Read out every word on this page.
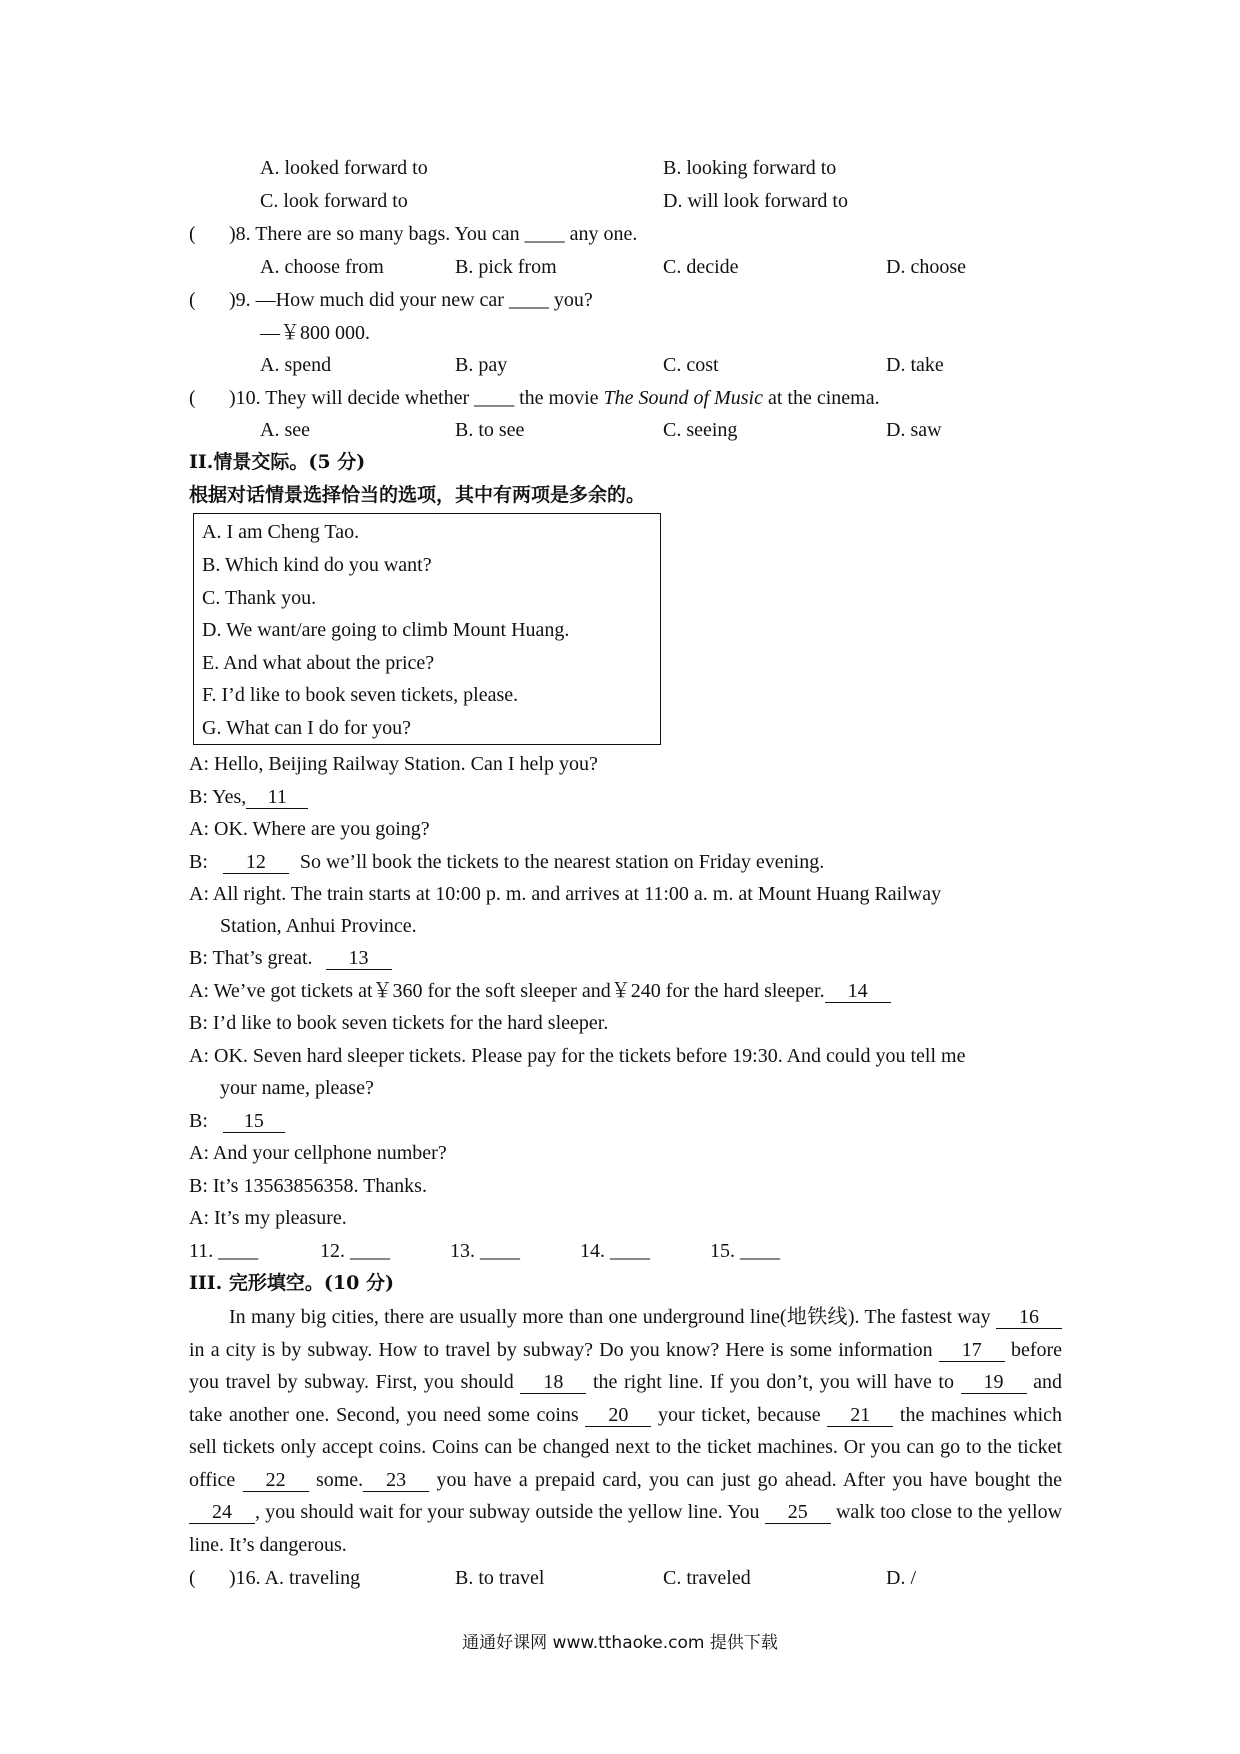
A. looked forward to	B. looking forward to
C. look forward to	D. will look forward to
( )8. There are so many bags. You can ____ any one.
A. choose from	B. pick from	C. decide	D. choose
( )9. —How much did your new car ____ you?
—￥800 000.
A. spend	B. pay	C. cost	D. take
( )10. They will decide whether ____ the movie The Sound of Music at the cinema.
A. see	B. to see	C. seeing	D. saw
II.情景交际。(5 分)
根据对话情景选择恰当的选项，其中有两项是多余的。
A. I am Cheng Tao.
B. Which kind do you want?
C. Thank you.
D. We want/are going to climb Mount Huang.
E. And what about the price?
F. I’d like to book seven tickets, please.
G. What can I do for you?
A: Hello, Beijing Railway Station. Can I help you?
B: Yes, 11
A: OK. Where are you going?
B: 12 So we’ll book the tickets to the nearest station on Friday evening.
A: All right. The train starts at 10:00 p. m. and arrives at 11:00 a. m. at Mount Huang Railway
Station, Anhui Province.
B: That’s great. 13
A: We’ve got tickets at￥360 for the soft sleeper and￥240 for the hard sleeper. 14
B: I’d like to book seven tickets for the hard sleeper.
A: OK. Seven hard sleeper tickets. Please pay for the tickets before 19:30. And could you tell me
your name, please?
B: 15
A: And your cellphone number?
B: It’s 13563856358. Thanks.
A: It’s my pleasure.
11. ____	12. ____	13. ____	14. ____	15. ____
III. 完形填空。(10 分)
In many big cities, there are usually more than one underground line(地铁线). The fastest way 16 in a city is by subway. How to travel by subway? Do you know? Here is some information 17 before you travel by subway. First, you should 18 the right line. If you don’t, you will have to 19 and take another one. Second, you need some coins 20 your ticket, because 21 the machines which sell tickets only accept coins. Coins can be changed next to the ticket machines. Or you can go to the ticket office 22 some. 23 you have a prepaid card, you can just go ahead. After you have bought the 24 , you should wait for your subway outside the yellow line. You 25 walk too close to the yellow line. It’s dangerous.
( )16. A. traveling	B. to travel	C. traveled	D. /
通通好课网 www.tthaoke.com 提供下载
